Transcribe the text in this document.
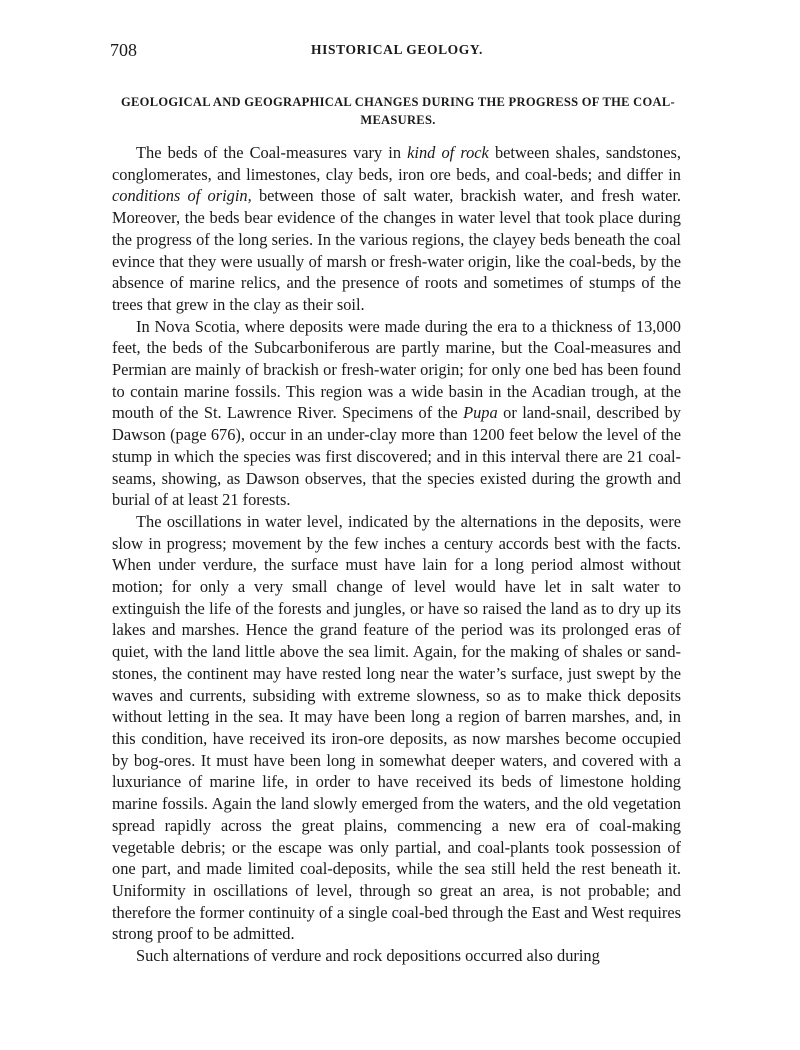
708	HISTORICAL GEOLOGY.
GEOLOGICAL AND GEOGRAPHICAL CHANGES DURING THE PROGRESS OF THE COAL-MEASURES.

The beds of the Coal-measures vary in kind of rock between shales, sandstones, conglomerates, and limestones, clay beds, iron ore beds, and coal-beds; and differ in conditions of origin, between those of salt water, brackish water, and fresh water. Moreover, the beds bear evidence of the changes in water level that took place during the progress of the long series. In the various regions, the clayey beds beneath the coal evince that they were usually of marsh or fresh-water origin, like the coal-beds, by the absence of marine relics, and the presence of roots and sometimes of stumps of the trees that grew in the clay as their soil.

In Nova Scotia, where deposits were made during the era to a thickness of 13,000 feet, the beds of the Subcarboniferous are partly marine, but the Coal-measures and Permian are mainly of brackish or fresh-water origin; for only one bed has been found to contain marine fossils. This region was a wide basin in the Acadian trough, at the mouth of the St. Lawrence River. Specimens of the Pupa or land-snail, described by Dawson (page 676), occur in an under-clay more than 1200 feet below the level of the stump in which the species was first discovered; and in this interval there are 21 coal-seams, showing, as Dawson observes, that the species existed during the growth and burial of at least 21 forests.

The oscillations in water level, indicated by the alternations in the deposits, were slow in progress; movement by the few inches a century accords best with the facts. When under verdure, the surface must have lain for a long period almost without motion; for only a very small change of level would have let in salt water to extinguish the life of the forests and jungles, or have so raised the land as to dry up its lakes and marshes. Hence the grand feature of the period was its prolonged eras of quiet, with the land little above the sea limit. Again, for the making of shales or sandstones, the continent may have rested long near the water’s surface, just swept by the waves and currents, subsiding with extreme slowness, so as to make thick deposits without letting in the sea. It may have been long a region of barren marshes, and, in this condition, have received its iron-ore deposits, as now marshes become occupied by bog-ores. It must have been long in somewhat deeper waters, and covered with a luxuriance of marine life, in order to have received its beds of limestone holding marine fossils. Again the land slowly emerged from the waters, and the old vegetation spread rapidly across the great plains, commencing a new era of coal-making vegetable debris; or the escape was only partial, and coal-plants took possession of one part, and made limited coal-deposits, while the sea still held the rest beneath it. Uniformity in oscillations of level, through so great an area, is not probable; and therefore the former continuity of a single coal-bed through the East and West requires strong proof to be admitted.

Such alternations of verdure and rock depositions occurred also during
